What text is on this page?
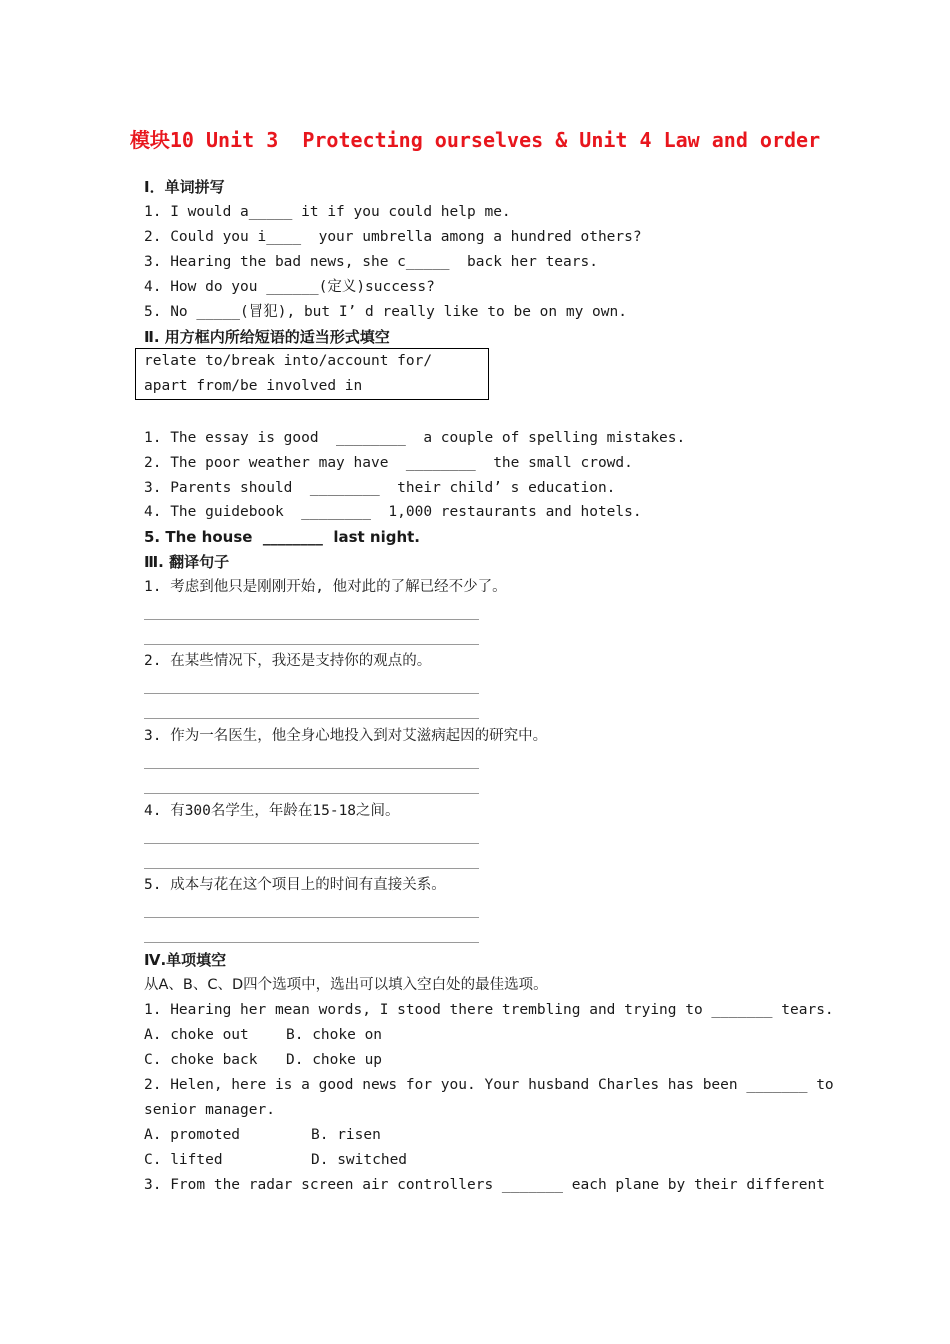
模块10 Unit 3  Protecting ourselves & Unit 4 Law and order
I．单词拼写
1. I would a_____ it if you could help me.
2. Could you i____  your umbrella among a hundred others?
3. Hearing the bad news, she c_____  back her tears.
4. How do you ______(定义)success?
5. No _____(冒犯), but I’ d really like to be on my own.
Ⅱ. 用方框内所给短语的适当形式填空
relate to/break into/account for/
apart from/be involved in
1. The essay is good  ________  a couple of spelling mistakes.
2. The poor weather may have  ________  the small crowd.
3. Parents should  ________  their child’ s education.
4. The guidebook  ________  1,000 restaurants and hotels.
5. The house  ________  last night.
Ⅲ. 翻译句子
1. 考虑到他只是刚刚开始, 他对此的了解已经不少了。
2. 在某些情况下，我还是支持你的观点的。
3. 作为一名医生，他全身心地投入到对艾滋病起因的研究中。
4. 有300名学生，年龄在15-18之间。
5. 成本与花在这个项目上的时间有直接关系。
Ⅳ.单项填空
从A、B、C、D四个选项中，选出可以填入空白处的最佳选项。
1. Hearing her mean words, I stood there trembling and trying to _______ tears.
A. choke out	B. choke on
C. choke back D. choke up
2. Helen, here is a good news for you. Your husband Charles has been _______ to
senior manager.
A. promoted	B. risen
C. lifted	D. switched
3. From the radar screen air controllers _______ each plane by their different
